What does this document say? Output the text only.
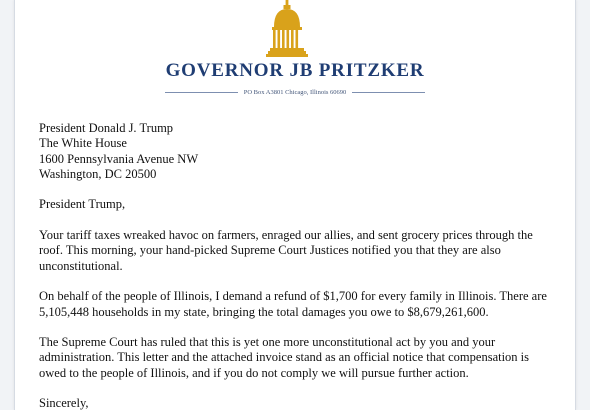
GOVERNOR JB PRITZKER
PO Box A3801 Chicago, Illinois 60690

President Donald J. Trump
The White House
1600 Pennsylvania Avenue NW
Washington, DC 20500

President Trump,

Your tariff taxes wreaked havoc on farmers, enraged our allies, and sent grocery prices through the roof. This morning, your hand-picked Supreme Court Justices notified you that they are also unconstitutional.

On behalf of the people of Illinois, I demand a refund of $1,700 for every family in Illinois. There are 5,105,448 households in my state, bringing the total damages you owe to $8,679,261,600.

The Supreme Court has ruled that this is yet one more unconstitutional act by you and your administration. This letter and the attached invoice stand as an official notice that compensation is owed to the people of Illinois, and if you do not comply we will pursue further action.

Sincerely,
